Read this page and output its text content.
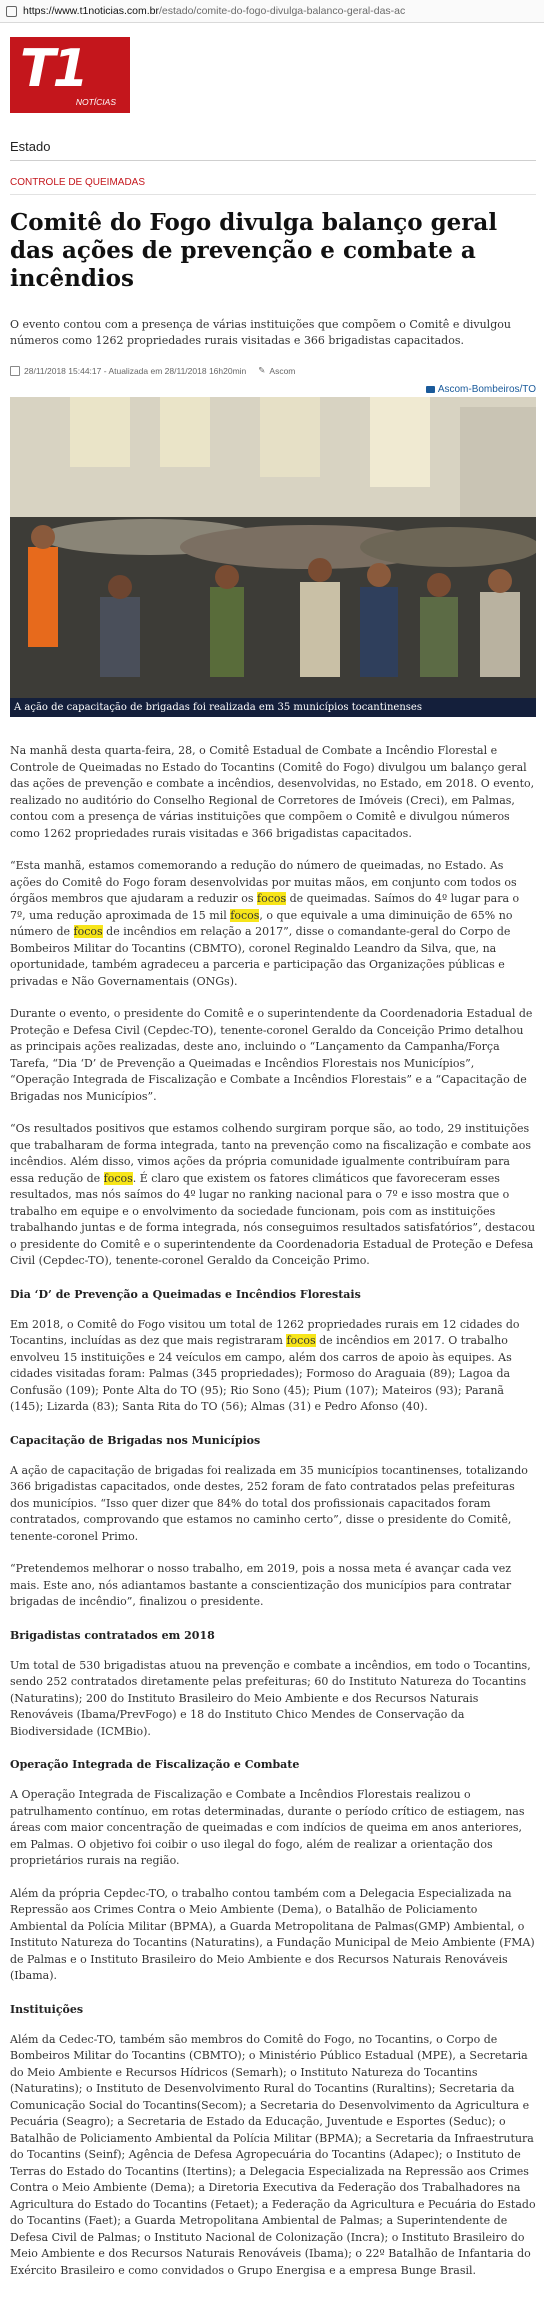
https://www.t1noticias.com.br /estado/comite-do-fogo-divulga-balanco-geral-das-ac
T1
NOTÍCIAS
Estado
CONTROLE DE QUEIMADAS
Comitê do Fogo divulga balanço geral das ações de prevenção e combate a incêndios
O evento contou com a presença de várias instituições que compõem o Comitê e divulgou números como 1262 propriedades rurais visitadas e 366 brigadistas capacitados.
28/11/2018 15:44:17 - Atualizada em 28/11/2018 16h20min ✎ Ascom
Ascom-Bombeiros/TO
A ação de capacitação de brigadas foi realizada em 35 municípios tocantinenses

Na manhã desta quarta-feira, 28, o Comitê Estadual de Combate a Incêndio Florestal e Controle de Queimadas no Estado do Tocantins (Comitê do Fogo) divulgou um balanço geral das ações de prevenção e combate a incêndios, desenvolvidas, no Estado, em 2018. O evento, realizado no auditório do Conselho Regional de Corretores de Imóveis (Creci), em Palmas, contou com a presença de várias instituições que compõem o Comitê e divulgou números como 1262 propriedades rurais visitadas e 366 brigadistas capacitados.

“Esta manhã, estamos comemorando a redução do número de queimadas, no Estado. As ações do Comitê do Fogo foram desenvolvidas por muitas mãos, em conjunto com todos os órgãos membros que ajudaram a reduzir os focos de queimadas. Saímos do 4º lugar para o 7º, uma redução aproximada de 15 mil focos, o que equivale a uma diminuição de 65% no número de focos de incêndios em relação a 2017”, disse o comandante-geral do Corpo de Bombeiros Militar do Tocantins (CBMTO), coronel Reginaldo Leandro da Silva, que, na oportunidade, também agradeceu a parceria e participação das Organizações públicas e privadas e Não Governamentais (ONGs).

Durante o evento, o presidente do Comitê e o superintendente da Coordenadoria Estadual de Proteção e Defesa Civil (Cepdec-TO), tenente-coronel Geraldo da Conceição Primo detalhou as principais ações realizadas, deste ano, incluindo o “Lançamento da Campanha/Força Tarefa, “Dia ‘D’ de Prevenção a Queimadas e Incêndios Florestais nos Municípios”, “Operação Integrada de Fiscalização e Combate a Incêndios Florestais” e a “Capacitação de Brigadas nos Municípios”.

“Os resultados positivos que estamos colhendo surgiram porque são, ao todo, 29 instituições que trabalharam de forma integrada, tanto na prevenção como na fiscalização e combate aos incêndios. Além disso, vimos ações da própria comunidade igualmente contribuíram para essa redução de focos. É claro que existem os fatores climáticos que favoreceram esses resultados, mas nós saímos do 4º lugar no ranking nacional para o 7º e isso mostra que o trabalho em equipe e o envolvimento da sociedade funcionam, pois com as instituições trabalhando juntas e de forma integrada, nós conseguimos resultados satisfatórios”, destacou o presidente do Comitê e o superintendente da Coordenadoria Estadual de Proteção e Defesa Civil (Cepdec-TO), tenente-coronel Geraldo da Conceição Primo.

Dia ‘D’ de Prevenção a Queimadas e Incêndios Florestais

Em 2018, o Comitê do Fogo visitou um total de 1262 propriedades rurais em 12 cidades do Tocantins, incluídas as dez que mais registraram focos de incêndios em 2017. O trabalho envolveu 15 instituições e 24 veículos em campo, além dos carros de apoio às equipes. As cidades visitadas foram: Palmas (345 propriedades); Formoso do Araguaia (89); Lagoa da Confusão (109); Ponte Alta do TO (95); Rio Sono (45); Pium (107); Mateiros (93); Paranã (145); Lizarda (83); Santa Rita do TO (56); Almas (31) e Pedro Afonso (40).

Capacitação de Brigadas nos Municípios

A ação de capacitação de brigadas foi realizada em 35 municípios tocantinenses, totalizando 366 brigadistas capacitados, onde destes, 252 foram de fato contratados pelas prefeituras dos municípios. “Isso quer dizer que 84% do total dos profissionais capacitados foram contratados, comprovando que estamos no caminho certo”, disse o presidente do Comitê, tenente-coronel Primo.

“Pretendemos melhorar o nosso trabalho, em 2019, pois a nossa meta é avançar cada vez mais. Este ano, nós adiantamos bastante a conscientização dos municípios para contratar brigadas de incêndio”, finalizou o presidente.

Brigadistas contratados em 2018

Um total de 530 brigadistas atuou na prevenção e combate a incêndios, em todo o Tocantins, sendo 252 contratados diretamente pelas prefeituras; 60 do Instituto Natureza do Tocantins (Naturatins); 200 do Instituto Brasileiro do Meio Ambiente e dos Recursos Naturais Renováveis (Ibama/PrevFogo) e 18 do Instituto Chico Mendes de Conservação da Biodiversidade (ICMBio).

Operação Integrada de Fiscalização e Combate

A Operação Integrada de Fiscalização e Combate a Incêndios Florestais realizou o patrulhamento contínuo, em rotas determinadas, durante o período crítico de estiagem, nas áreas com maior concentração de queimadas e com indícios de queima em anos anteriores, em Palmas. O objetivo foi coibir o uso ilegal do fogo, além de realizar a orientação dos proprietários rurais na região.

Além da própria Cepdec-TO, o trabalho contou também com a Delegacia Especializada na Repressão aos Crimes Contra o Meio Ambiente (Dema), o Batalhão de Policiamento Ambiental da Polícia Militar (BPMA), a Guarda Metropolitana de Palmas(GMP) Ambiental, o Instituto Natureza do Tocantins (Naturatins), a Fundação Municipal de Meio Ambiente (FMA) de Palmas e o Instituto Brasileiro do Meio Ambiente e dos Recursos Naturais Renováveis (Ibama).

Instituições

Além da Cedec-TO, também são membros do Comitê do Fogo, no Tocantins, o Corpo de Bombeiros Militar do Tocantins (CBMTO); o Ministério Público Estadual (MPE), a Secretaria do Meio Ambiente e Recursos Hídricos (Semarh); o Instituto Natureza do Tocantins (Naturatins); o Instituto de Desenvolvimento Rural do Tocantins (Ruraltins); Secretaria da Comunicação Social do Tocantins(Secom); a Secretaria do Desenvolvimento da Agricultura e Pecuária (Seagro); a Secretaria de Estado da Educação, Juventude e Esportes (Seduc); o Batalhão de Policiamento Ambiental da Polícia Militar (BPMA); a Secretaria da Infraestrutura do Tocantins (Seinf); Agência de Defesa Agropecuária do Tocantins (Adapec); o Instituto de Terras do Estado do Tocantins (Itertins); a Delegacia Especializada na Repressão aos Crimes Contra o Meio Ambiente (Dema); a Diretoria Executiva da Federação dos Trabalhadores na Agricultura do Estado do Tocantins (Fetaet); a Federação da Agricultura e Pecuária do Estado do Tocantins (Faet); a Guarda Metropolitana Ambiental de Palmas; a Superintendente de Defesa Civil de Palmas; o Instituto Nacional de Colonização (Incra); o Instituto Brasileiro do Meio Ambiente e dos Recursos Naturais Renováveis (Ibama); o 22º Batalhão de Infantaria do Exército Brasileiro e como convidados o Grupo Energisa e a empresa Bunge Brasil.
